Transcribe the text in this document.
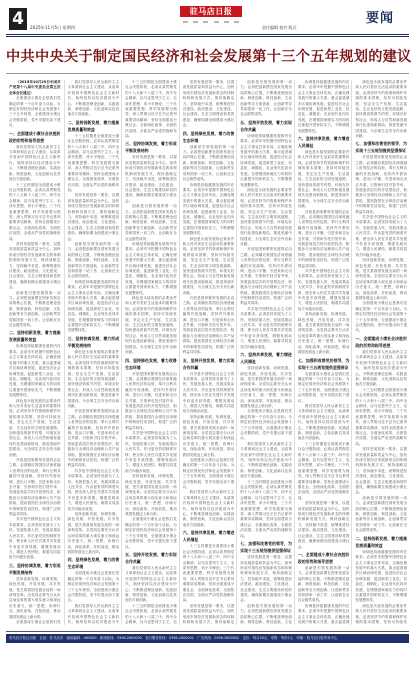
4	2025年11月5日 星期四
驻马店日报
责任编辑 校对 版式
要闻
中共中央关于制定国民经济和社会发展第十三个五年规划的建议

（2015年10月29日中国共产党第十八届中央委员会第五次全体会议通过）

全面建成小康社会是我们党确定的第一个百年奋斗目标。为制定好国民经济和社会发展第十三个五年规划，全面建成小康社会决胜阶段，党中央提出如下建议。

一、全面建成小康社会决胜阶段的形势和指导思想

我们党领导人民从新民主主义革命到社会主义建设，从改革开放到中国特色社会主义新时代，始终坚持以经济建设为中心，不断推进理论创新、实践创新、制度创新、文化创新以及其他各方面创新。

十三五时期是全面建成小康社会决胜阶段，必须认真贯彻党的十八大和十八届三中、四中全会精神，以马克思列宁主义、毛泽东思想、邓小平理论、三个代表重要思想、科学发展观为指导，深入贯彻习近平总书记系列重要讲话精神，坚持全面建成小康社会、全面深化改革、全面依法治国、全面从严治党的战略布局。

坚持发展是第一要务，以提高发展质量和效益为中心，加快形成引领经济发展新常态的体制机制和发展方式，保持战略定力，坚持稳中求进，统筹推进经济建设、政治建设、文化建设、社会建设、生态文明建设和党的建设，确保如期全面建成小康社会。

创新是引领发展的第一动力。必须把创新摆在国家发展全局的核心位置，不断推进理论创新、制度创新、科技创新、文化创新等各方面创新，让创新贯穿党和国家一切工作，让创新在全社会蔚然成风。

二、坚持创新发展，着力提高发展质量和效益

协调是持续健康发展的内在要求。必须牢牢把握中国特色社会主义事业总体布局，正确处理发展中的重大关系，重点促进城乡区域协调发展，促进经济社会协调发展，促进新型工业化、信息化、城镇化、农业现代化同步发展，在增强国家硬实力的同时注重提升国家软实力，不断增强发展整体性。

绿色是永续发展的必要条件和人民对美好生活追求的重要体现。必须坚持节约资源和保护环境的基本国策，坚持可持续发展，坚定走生产发展、生活富裕、生态良好的文明发展道路，加快建设资源节约型、环境友好型社会，形成人与自然和谐发展现代化建设新格局，推进美丽中国建设，为全球生态安全作出新贡献。

开放是国家繁荣发展的必由之路。必须顺应我国经济深度融入世界经济的趋势，奉行互利共赢的开放战略，坚持内外需协调、进出口平衡、引进来和走出去并重、引资和引技引智并举，发展更高层次的开放型经济，积极参与全球经济治理和公共产品供给，提高我国在全球经济治理中的制度性话语权，构建广泛的利益共同体。

共享是中国特色社会主义的本质要求。必须坚持发展为了人民、发展依靠人民、发展成果由人民共享，作出更有效的制度安排，使全体人民在共建共享发展中有更多获得感，增强发展动力，增进人民团结，朝着共同富裕方向稳步前进。

三、坚持协调发展，着力形成平衡发展结构

坚持创新发展、协调发展、绿色发展、开放发展、共享发展，是关系我国发展全局的一场深刻变革。全党同志要充分认识这场变革的重大现实意义和深远历史意义，统一思想，协调行动，深化改革，开拓前进，推动我国发展迈上新台阶。

全面建成小康社会是我们党

我们党领导人民从新民主主义革命到社会主义建设，从改革开放到中国特色社会主义新时代，始终坚持以经济建设为中心，不断推进理论创新、实践创新、制度创新、文化创新以及其他各方面创新。

二、坚持创新发展，着力提高发展质量和效益

十三五时期是全面建成小康社会决胜阶段，必须认真贯彻党的十八大和十八届三中、四中全会精神，以马克思列宁主义、毛泽东思想、邓小平理论、三个代表重要思想、科学发展观为指导，深入贯彻习近平总书记系列重要讲话精神，坚持全面建成小康社会、全面深化改革、全面依法治国、全面从严治党的战略布局。

坚持发展是第一要务，以提高发展质量和效益为中心，加快形成引领经济发展新常态的体制机制和发展方式，保持战略定力，坚持稳中求进，统筹推进经济建设、政治建设、文化建设、社会建设、生态文明建设和党的建设，确保如期全面建成小康社会。

创新是引领发展的第一动力。必须把创新摆在国家发展全局的核心位置，不断推进理论创新、制度创新、科技创新、文化创新等各方面创新，让创新贯穿党和国家一切工作，让创新在全社会蔚然成风。

协调是持续健康发展的内在要求。必须牢牢把握中国特色社会主义事业总体布局，正确处理发展中的重大关系，重点促进城乡区域协调发展，促进经济社会协调发展，促进新型工业化、信息化、城镇化、农业现代化同步发展，在增强国家硬实力的同时注重提升国家软实力，不断增强发展整体性。

三、坚持协调发展，着力形成平衡发展结构

绿色是永续发展的必要条件和人民对美好生活追求的重要体现。必须坚持节约资源和保护环境的基本国策，坚持可持续发展，坚定走生产发展、生活富裕、生态良好的文明发展道路，加快建设资源节约型、环境友好型社会，形成人与自然和谐发展现代化建设新格局，推进美丽中国建设，为全球生态安全作出新贡献。

开放是国家繁荣发展的必由之路。必须顺应我国经济深度融入世界经济的趋势，奉行互利共赢的开放战略，坚持内外需协调、进出口平衡、引进来和走出去并重、引资和引技引智并举，发展更高层次的开放型经济，积极参与全球经济治理和公共产品供给，提高我国在全球经济治理中的制度性话语权，构建广泛的利益共同体。

共享是中国特色社会主义的本质要求。必须坚持发展为了人民、发展依靠人民、发展成果由人民共享，作出更有效的制度安排，使全体人民在共建共享发展中有更多获得感，增强发展动力，增进人民团结，朝着共同富裕方向稳步前进。

坚持创新发展、协调发展、绿色发展、开放发展、共享发展，是关系我国发展全局的一场深刻变革。全党同志要充分认识这场变革的重大现实意义和深远历史意义，统一思想，协调行动，深化改革，开拓前进，推动我国发展迈上新台阶。

四、坚持绿色发展，着力改善生态环境

全面建成小康社会是我们党确定的第一个百年奋斗目标。为制定好国民经济和社会发展第十三个五年规划，全面建成小康社会决胜阶段，党中央提出如下建议。

我们党领导人民从新民主主义革命到社会主义建设，从改革开放到中国特色社会主义新时代，始终坚持以经济建设为中

十三五时期是全面建成小康社会决胜阶段，必须认真贯彻党的十八大和十八届三中、四中全会精神，以马克思列宁主义、毛泽东思想、邓小平理论、三个代表重要思想、科学发展观为指导，深入贯彻习近平总书记系列重要讲话精神，坚持全面建成小康社会、全面深化改革、全面依法治国、全面从严治党的战略布局。

三、坚持协调发展，着力形成平衡发展结构

坚持发展是第一要务，以提高发展质量和效益为中心，加快形成引领经济发展新常态的体制机制和发展方式，保持战略定力，坚持稳中求进，统筹推进经济建设、政治建设、文化建设、社会建设、生态文明建设和党的建设，确保如期全面建成小康社会。

创新是引领发展的第一动力。必须把创新摆在国家发展全局的核心位置，不断推进理论创新、制度创新、科技创新、文化创新等各方面创新，让创新贯穿党和国家一切工作，让创新在全社会蔚然成风。

协调是持续健康发展的内在要求。必须牢牢把握中国特色社会主义事业总体布局，正确处理发展中的重大关系，重点促进城乡区域协调发展，促进经济社会协调发展，促进新型工业化、信息化、城镇化、农业现代化同步发展，在增强国家硬实力的同时注重提升国家软实力，不断增强发展整体性。

绿色是永续发展的必要条件和人民对美好生活追求的重要体现。必须坚持节约资源和保护环境的基本国策，坚持可持续发展，坚定走生产发展、生活富裕、生态良好的文明发展道路，加快建设资源节约型、环境友好型社会，形成人与自然和谐发展现代化建设新格局，推进美丽中国建设，为全球生态安全作出新贡献。

四、坚持绿色发展，着力改善生态环境

开放是国家繁荣发展的必由之路。必须顺应我国经济深度融入世界经济的趋势，奉行互利共赢的开放战略，坚持内外需协调、进出口平衡、引进来和走出去并重、引资和引技引智并举，发展更高层次的开放型经济，积极参与全球经济治理和公共产品供给，提高我国在全球经济治理中的制度性话语权，构建广泛的利益共同体。

共享是中国特色社会主义的本质要求。必须坚持发展为了人民、发展依靠人民、发展成果由人民共享，作出更有效的制度安排，使全体人民在共建共享发展中有更多获得感，增强发展动力，增进人民团结，朝着共同富裕方向稳步前进。

坚持创新发展、协调发展、绿色发展、开放发展、共享发展，是关系我国发展全局的一场深刻变革。全党同志要充分认识这场变革的重大现实意义和深远历史意义，统一思想，协调行动，深化改革，开拓前进，推动我国发展迈上新台阶。

全面建成小康社会是我们党确定的第一个百年奋斗目标。为制定好国民经济和社会发展第十三个五年规划，全面建成小康社会决胜阶段，党中央提出如下建议。

五、坚持开放发展，着力实现合作共赢

我们党领导人民从新民主主义革命到社会主义建设，从改革开放到中国特色社会主义新时代，始终坚持以经济建设为中心，不断推进理论创新、实践创新、制度创新、文化创新以及其他各方面创新。

十三五时期是全面建成小康社会决胜阶段，必须认真贯彻党的十八大和十八届三中、四中全会精神，以马克思列宁主义、毛

坚持发展是第一要务，以提高发展质量和效益为中心，加快形成引领经济发展新常态的体制机制和发展方式，保持战略定力，坚持稳中求进，统筹推进经济建设、政治建设、文化建设、社会建设、生态文明建设和党的建设，确保如期全面建成小康社会。

四、坚持绿色发展，着力改善生态环境

创新是引领发展的第一动力。必须把创新摆在国家发展全局的核心位置，不断推进理论创新、制度创新、科技创新、文化创新等各方面创新，让创新贯穿党和国家一切工作，让创新在全社会蔚然成风。

协调是持续健康发展的内在要求。必须牢牢把握中国特色社会主义事业总体布局，正确处理发展中的重大关系，重点促进城乡区域协调发展，促进经济社会协调发展，促进新型工业化、信息化、城镇化、农业现代化同步发展，在增强国家硬实力的同时注重提升国家软实力，不断增强发展整体性。

绿色是永续发展的必要条件和人民对美好生活追求的重要体现。必须坚持节约资源和保护环境的基本国策，坚持可持续发展，坚定走生产发展、生活富裕、生态良好的文明发展道路，加快建设资源节约型、环境友好型社会，形成人与自然和谐发展现代化建设新格局，推进美丽中国建设，为全球生态安全作出新贡献。

开放是国家繁荣发展的必由之路。必须顺应我国经济深度融入世界经济的趋势，奉行互利共赢的开放战略，坚持内外需协调、进出口平衡、引进来和走出去并重、引资和引技引智并举，发展更高层次的开放型经济，积极参与全球经济治理和公共产品供给，提高我国在全球经济治理中的制度性话语权，构建广泛的利益共同体。

五、坚持开放发展，着力实现合作共赢

共享是中国特色社会主义的本质要求。必须坚持发展为了人民、发展依靠人民、发展成果由人民共享，作出更有效的制度安排，使全体人民在共建共享发展中有更多获得感，增强发展动力，增进人民团结，朝着共同富裕方向稳步前进。

坚持创新发展、协调发展、绿色发展、开放发展、共享发展，是关系我国发展全局的一场深刻变革。全党同志要充分认识这场变革的重大现实意义和深远历史意义，统一思想，协调行动，深化改革，开拓前进，推动我国发展迈上新台阶。

全面建成小康社会是我们党确定的第一个百年奋斗目标。为制定好国民经济和社会发展第十三个五年规划，全面建成小康社会决胜阶段，党中央提出如下建议。

我们党领导人民从新民主主义革命到社会主义建设，从改革开放到中国特色社会主义新时代，始终坚持以经济建设为中心，不断推进理论创新、实践创新、制度创新、文化创新以及其他各方面创新。

六、坚持共享发展，着力增进人民福祉

十三五时期是全面建成小康社会决胜阶段，必须认真贯彻党的十八大和十八届三中、四中全会精神，以马克思列宁主义、毛泽东思想、邓小平理论、三个代表重要思想、科学发展观为指导，深入贯彻习近平总书记系列重要讲话精神，坚持全面建成小康社会、全面深化改革、全面依法治国、全面从严治党的战略布局。

坚持发展是第一要务，以提高发展质量和效益为中心，加快形成引领经济发展新常态的体制机制和发展方式，保持战略定

创新是引领发展的第一动力。必须把创新摆在国家发展全局的核心位置，不断推进理论创新、制度创新、科技创新、文化创新等各方面创新，让创新贯穿党和国家一切工作，让创新在全社会蔚然成风。

五、坚持开放发展，着力实现合作共赢

协调是持续健康发展的内在要求。必须牢牢把握中国特色社会主义事业总体布局，正确处理发展中的重大关系，重点促进城乡区域协调发展，促进经济社会协调发展，促进新型工业化、信息化、城镇化、农业现代化同步发展，在增强国家硬实力的同时注重提升国家软实力，不断增强发展整体性。

绿色是永续发展的必要条件和人民对美好生活追求的重要体现。必须坚持节约资源和保护环境的基本国策，坚持可持续发展，坚定走生产发展、生活富裕、生态良好的文明发展道路，加快建设资源节约型、环境友好型社会，形成人与自然和谐发展现代化建设新格局，推进美丽中国建设，为全球生态安全作出新贡献。

开放是国家繁荣发展的必由之路。必须顺应我国经济深度融入世界经济的趋势，奉行互利共赢的开放战略，坚持内外需协调、进出口平衡、引进来和走出去并重、引资和引技引智并举，发展更高层次的开放型经济，积极参与全球经济治理和公共产品供给，提高我国在全球经济治理中的制度性话语权，构建广泛的利益共同体。

共享是中国特色社会主义的本质要求。必须坚持发展为了人民、发展依靠人民、发展成果由人民共享，作出更有效的制度安排，使全体人民在共建共享发展中有更多获得感，增强发展动力，增进人民团结，朝着共同富裕方向稳步前进。

六、坚持共享发展，着力增进人民福祉

坚持创新发展、协调发展、绿色发展、开放发展、共享发展，是关系我国发展全局的一场深刻变革。全党同志要充分认识这场变革的重大现实意义和深远历史意义，统一思想，协调行动，深化改革，开拓前进，推动我国发展迈上新台阶。

全面建成小康社会是我们党确定的第一个百年奋斗目标。为制定好国民经济和社会发展第十三个五年规划，全面建成小康社会决胜阶段，党中央提出如下建议。

我们党领导人民从新民主主义革命到社会主义建设，从改革开放到中国特色社会主义新时代，始终坚持以经济建设为中心，不断推进理论创新、实践创新、制度创新、文化创新以及其他各方面创新。

十三五时期是全面建成小康社会决胜阶段，必须认真贯彻党的十八大和十八届三中、四中全会精神，以马克思列宁主义、毛泽东思想、邓小平理论、三个代表重要思想、科学发展观为指导，深入贯彻习近平总书记系列重要讲话精神，坚持全面建成小康社会、全面深化改革、全面依法治国、全面从严治党的战略布局。

七、加强和改善党的领导，为实现十三五规划提供坚强保证

坚持发展是第一要务，以提高发展质量和效益为中心，加快形成引领经济发展新常态的体制机制和发展方式，保持战略定力，坚持稳中求进，统筹推进经济建设、政治建设、文化建设、社会建设、生态文明建设和党的建设，确保如期全面建成小康社会。

创新是引领发展的第一动力。必须把创新摆在国家发展全局的核心位置，不断推进理论创新、制度创新、科技创新、文化

协调是持续健康发展的内在要求。必须牢牢把握中国特色社会主义事业总体布局，正确处理发展中的重大关系，重点促进城乡区域协调发展，促进经济社会协调发展，促进新型工业化、信息化、城镇化、农业现代化同步发展，在增强国家硬实力的同时注重提升国家软实力，不断增强发展整体性。

六、坚持共享发展，着力增进人民福祉

绿色是永续发展的必要条件和人民对美好生活追求的重要体现。必须坚持节约资源和保护环境的基本国策，坚持可持续发展，坚定走生产发展、生活富裕、生态良好的文明发展道路，加快建设资源节约型、环境友好型社会，形成人与自然和谐发展现代化建设新格局，推进美丽中国建设，为全球生态安全作出新贡献。

开放是国家繁荣发展的必由之路。必须顺应我国经济深度融入世界经济的趋势，奉行互利共赢的开放战略，坚持内外需协调、进出口平衡、引进来和走出去并重、引资和引技引智并举，发展更高层次的开放型经济，积极参与全球经济治理和公共产品供给，提高我国在全球经济治理中的制度性话语权，构建广泛的利益共同体。

共享是中国特色社会主义的本质要求。必须坚持发展为了人民、发展依靠人民、发展成果由人民共享，作出更有效的制度安排，使全体人民在共建共享发展中有更多获得感，增强发展动力，增进人民团结，朝着共同富裕方向稳步前进。

坚持创新发展、协调发展、绿色发展、开放发展、共享发展，是关系我国发展全局的一场深刻变革。全党同志要充分认识这场变革的重大现实意义和深远历史意义，统一思想，协调行动，深化改革，开拓前进，推动我国发展迈上新台阶。

七、加强和改善党的领导，为实现十三五规划提供坚强保证

全面建成小康社会是我们党确定的第一个百年奋斗目标。为制定好国民经济和社会发展第十三个五年规划，全面建成小康社会决胜阶段，党中央提出如下建议。

我们党领导人民从新民主主义革命到社会主义建设，从改革开放到中国特色社会主义新时代，始终坚持以经济建设为中心，不断推进理论创新、实践创新、制度创新、文化创新以及其他各方面创新。

十三五时期是全面建成小康社会决胜阶段，必须认真贯彻党的十八大和十八届三中、四中全会精神，以马克思列宁主义、毛泽东思想、邓小平理论、三个代表重要思想、科学发展观为指导，深入贯彻习近平总书记系列重要讲话精神，坚持全面建成小康社会、全面深化改革、全面依法治国、全面从严治党的战略布局。

坚持发展是第一要务，以提高发展质量和效益为中心，加快形成引领经济发展新常态的体制机制和发展方式，保持战略定力，坚持稳中求进，统筹推进经济建设、政治建设、文化建设、社会建设、生态文明建设和党的建设，确保如期全面建成小康社会。

一、全面建成小康社会决胜阶段的形势和指导思想

创新是引领发展的第一动力。必须把创新摆在国家发展全局的核心位置，不断推进理论创新、制度创新、科技创新、文化创新等各方面创新，让创新贯穿党和国家一切工作，让创新在全社会蔚然成风。

协调是持续健康发展的内在要求。必须牢牢把握中国特色社会主义事业总体布局，正确处理发展中的重大关系，重点促进城

绿色是永续发展的必要条件和人民对美好生活追求的重要体现。必须坚持节约资源和保护环境的基本国策，坚持可持续发展，坚定走生产发展、生活富裕、生态良好的文明发展道路，加快建设资源节约型、环境友好型社会，形成人与自然和谐发展现代化建设新格局，推进美丽中国建设，为全球生态安全作出新贡献。

七、加强和改善党的领导，为实现十三五规划提供坚强保证

开放是国家繁荣发展的必由之路。必须顺应我国经济深度融入世界经济的趋势，奉行互利共赢的开放战略，坚持内外需协调、进出口平衡、引进来和走出去并重、引资和引技引智并举，发展更高层次的开放型经济，积极参与全球经济治理和公共产品供给，提高我国在全球经济治理中的制度性话语权，构建广泛的利益共同体。

共享是中国特色社会主义的本质要求。必须坚持发展为了人民、发展依靠人民、发展成果由人民共享，作出更有效的制度安排，使全体人民在共建共享发展中有更多获得感，增强发展动力，增进人民团结，朝着共同富裕方向稳步前进。

坚持创新发展、协调发展、绿色发展、开放发展、共享发展，是关系我国发展全局的一场深刻变革。全党同志要充分认识这场变革的重大现实意义和深远历史意义，统一思想，协调行动，深化改革，开拓前进，推动我国发展迈上新台阶。

全面建成小康社会是我们党确定的第一个百年奋斗目标。为制定好国民经济和社会发展第十三个五年规划，全面建成小康社会决胜阶段，党中央提出如下建议。

一、全面建成小康社会决胜阶段的形势和指导思想

我们党领导人民从新民主主义革命到社会主义建设，从改革开放到中国特色社会主义新时代，始终坚持以经济建设为中心，不断推进理论创新、实践创新、制度创新、文化创新以及其他各方面创新。

十三五时期是全面建成小康社会决胜阶段，必须认真贯彻党的十八大和十八届三中、四中全会精神，以马克思列宁主义、毛泽东思想、邓小平理论、三个代表重要思想、科学发展观为指导，深入贯彻习近平总书记系列重要讲话精神，坚持全面建成小康社会、全面深化改革、全面依法治国、全面从严治党的战略布局。

坚持发展是第一要务，以提高发展质量和效益为中心，加快形成引领经济发展新常态的体制机制和发展方式，保持战略定力，坚持稳中求进，统筹推进经济建设、政治建设、文化建设、社会建设、生态文明建设和党的建设，确保如期全面建成小康社会。

创新是引领发展的第一动力。必须把创新摆在国家发展全局的核心位置，不断推进理论创新、制度创新、科技创新、文化创新等各方面创新，让创新贯穿党和国家一切工作，让创新在全社会蔚然成风。

二、坚持创新发展，着力提高发展质量和效益

协调是持续健康发展的内在要求。必须牢牢把握中国特色社会主义事业总体布局，正确处理发展中的重大关系，重点促进城乡区域协调发展，促进经济社会协调发展，促进新型工业化、信息化、城镇化、农业现代化同步发展，在增强国家硬实力的同时注重提升国家软实力，不断增强发展整体性。

绿色是永续发展的必要条件和人民对美好生活追求的重要体现。必须坚持节约资源和保护环境的基本国策，坚持可持续发

驻马店日报社出版　社址：驻马店市　邮政编码：463000　新闻热线：0396-2600000　发行服务热线：0396-2600001　广告热线：0396-2600002　定价：每月30元　零售：每份1元　印刷：驻马店日报印务中心
